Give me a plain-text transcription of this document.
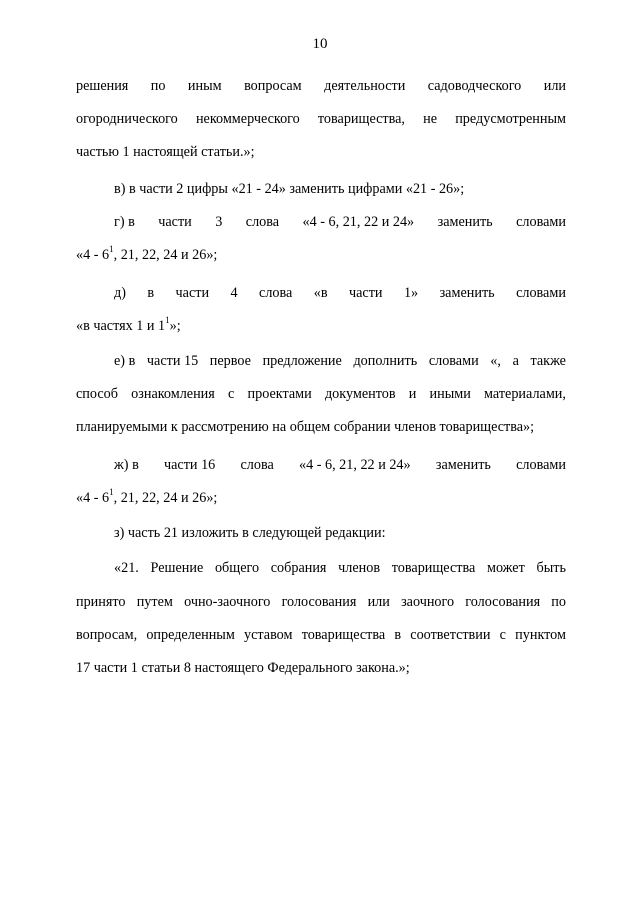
10
решения по иным вопросам деятельности садоводческого или
огороднического некоммерческого товарищества, не предусмотренным
частью 1 настоящей статьи.»;
в) в части 2 цифры «21 - 24» заменить цифрами «21 - 26»;
г) в части 3 слова «4 - 6, 21, 22 и 24» заменить словами
«$4 - 6^1$, 21, 22, 24 и 26»;
д) в части 4 слова «в части 1» заменить словами
«в частях 1 и $1^1$»;
е) в части 15 первое предложение дополнить словами «, а также
способ ознакомления с проектами документов и иными материалами,
планируемыми к рассмотрению на общем собрании членов товарищества»;
ж) в части 16 слова «4 - 6, 21, 22 и 24» заменить словами
«$4 - 6^1$, 21, 22, 24 и 26»;
з) часть 21 изложить в следующей редакции:
«21. Решение общего собрания членов товарищества может быть
принято путем очно-заочного голосования или заочного голосования по
вопросам, определенным уставом товарищества в соответствии с пунктом
17 части 1 статьи 8 настоящего Федерального закона.»;
